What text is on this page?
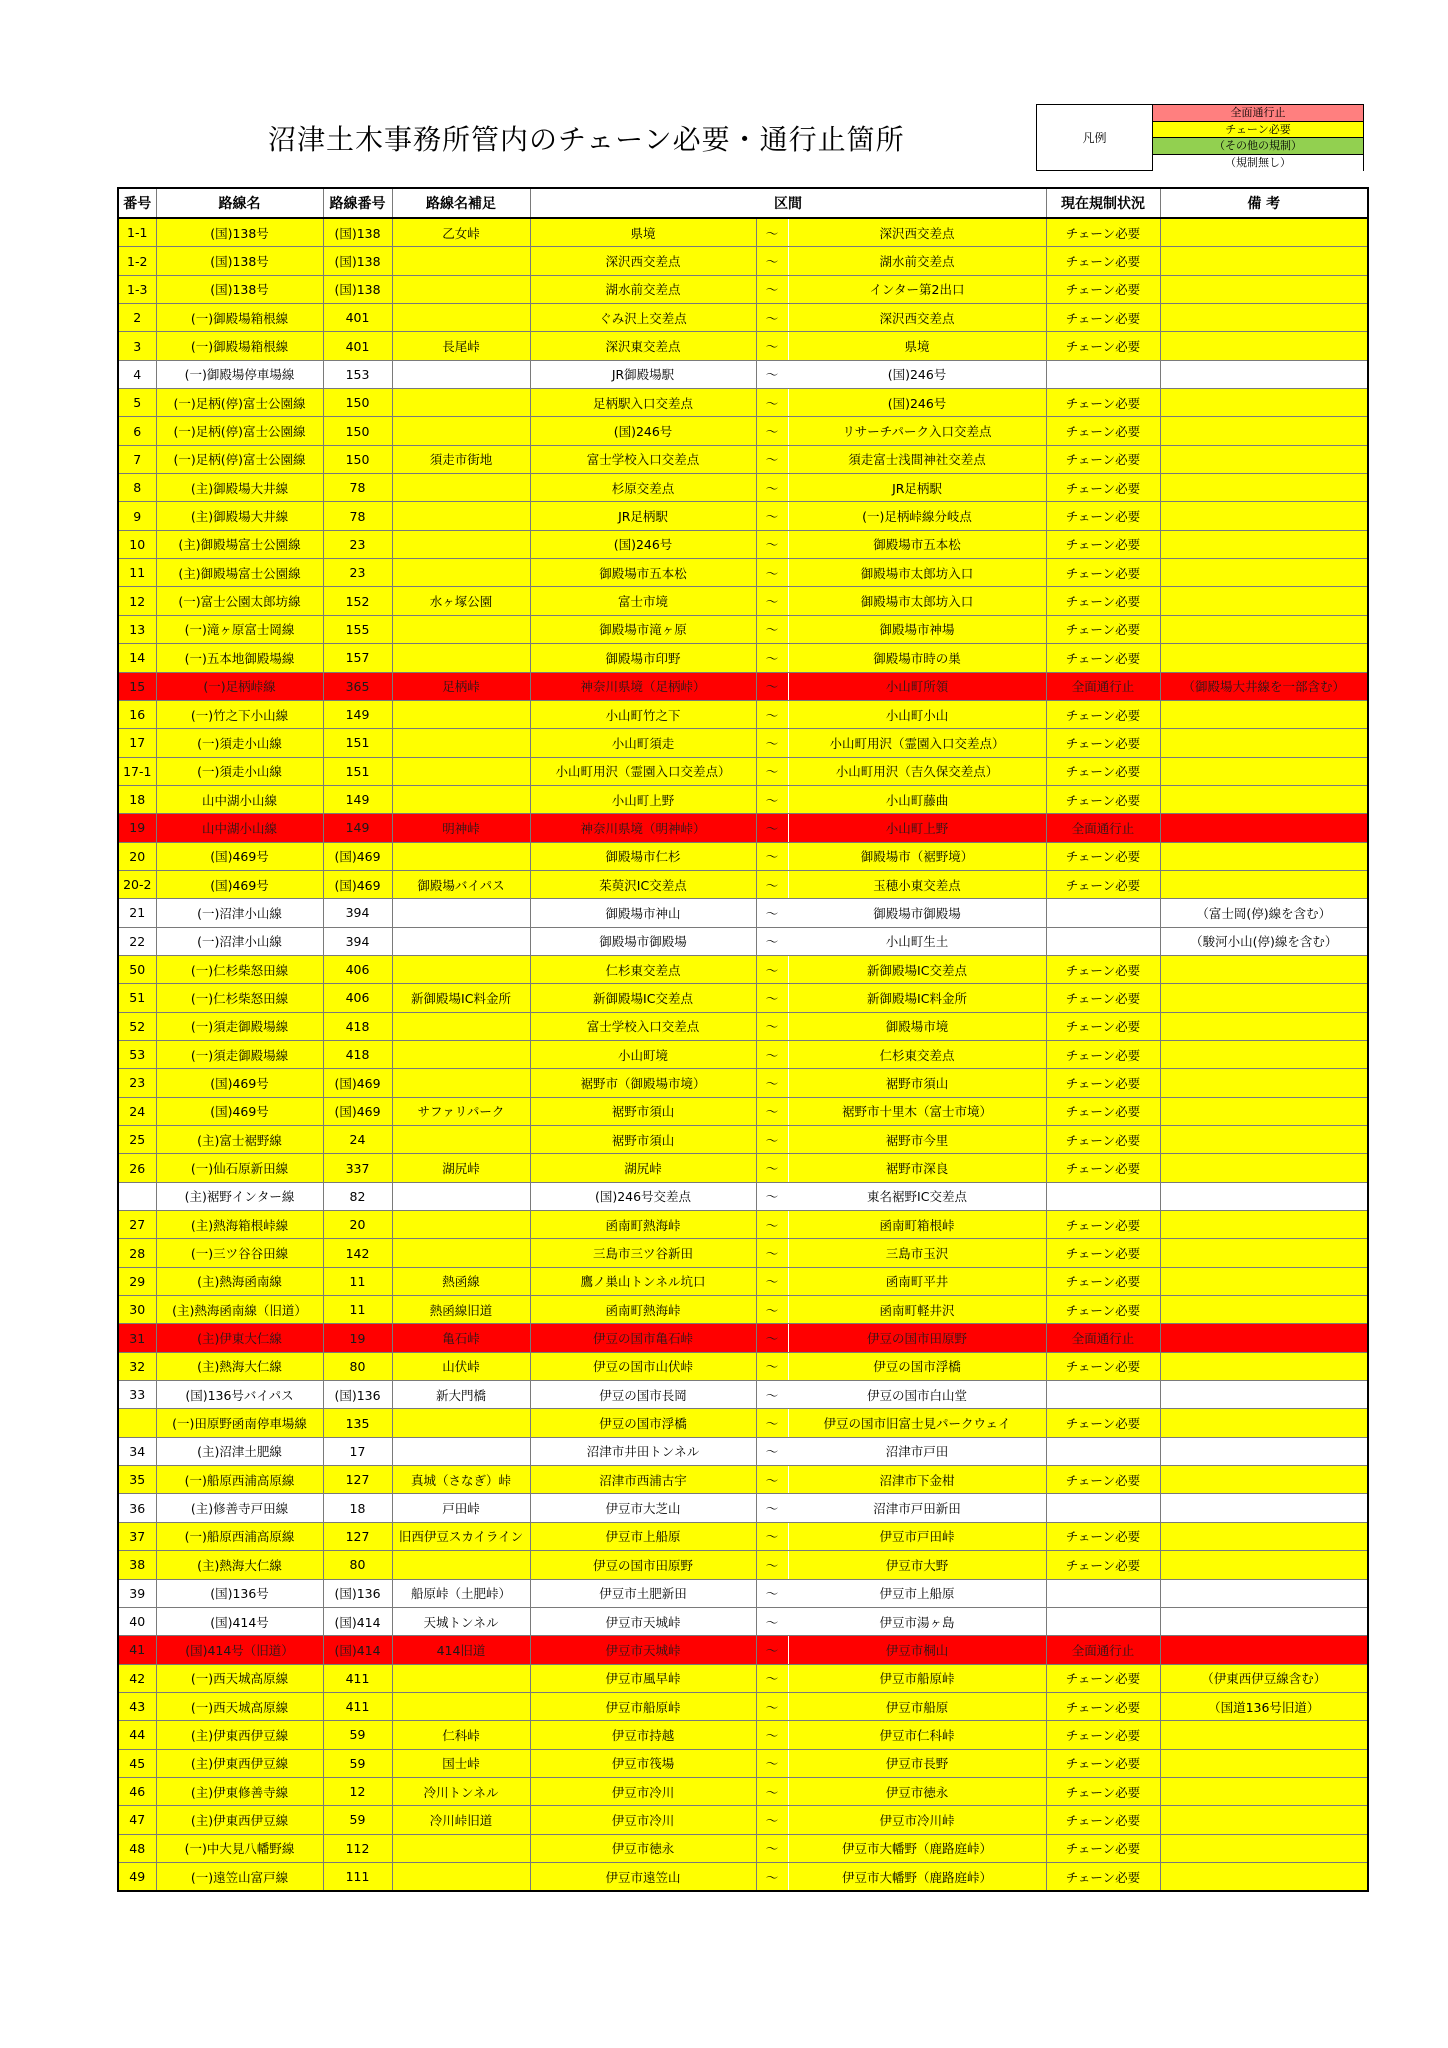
沼津土木事務所管内のチェーン必要・通行止箇所	凡例
全面通行止
チェーン必要
（その他の規制）
（規制無し）
番号	路線名	路線番号	路線名補足	区間			現在規制状況	備 考
1-1	(国)138号	(国)138	乙女峠	県境	～	深沢西交差点	チェーン必要	
1-2	(国)138号	(国)138		深沢西交差点	～	湖水前交差点	チェーン必要	
1-3	(国)138号	(国)138		湖水前交差点	～	インター第2出口	チェーン必要	
2	(一)御殿場箱根線	401		ぐみ沢上交差点	～	深沢西交差点	チェーン必要	
3	(一)御殿場箱根線	401	長尾峠	深沢東交差点	～	県境	チェーン必要	
4	(一)御殿場停車場線	153		JR御殿場駅	～	(国)246号		
5	(一)足柄(停)富士公園線	150		足柄駅入口交差点	～	(国)246号	チェーン必要	
6	(一)足柄(停)富士公園線	150		(国)246号	～	リサーチパーク入口交差点	チェーン必要	
7	(一)足柄(停)富士公園線	150	須走市街地	富士学校入口交差点	～	須走富士浅間神社交差点	チェーン必要	
8	(主)御殿場大井線	78		杉原交差点	～	JR足柄駅	チェーン必要	
9	(主)御殿場大井線	78		JR足柄駅	～	(一)足柄峠線分岐点	チェーン必要	
10	(主)御殿場富士公園線	23		(国)246号	～	御殿場市五本松	チェーン必要	
11	(主)御殿場富士公園線	23		御殿場市五本松	～	御殿場市太郎坊入口	チェーン必要	
12	(一)富士公園太郎坊線	152	水ヶ塚公園	富士市境	～	御殿場市太郎坊入口	チェーン必要	
13	(一)滝ヶ原富士岡線	155		御殿場市滝ヶ原	～	御殿場市神場	チェーン必要	
14	(一)五本地御殿場線	157		御殿場市印野	～	御殿場市時の巣	チェーン必要	
15	(一)足柄峠線	365	足柄峠	神奈川県境（足柄峠）	～	小山町所領	全面通行止	（御殿場大井線を一部含む）
16	(一)竹之下小山線	149		小山町竹之下	～	小山町小山	チェーン必要	
17	(一)須走小山線	151		小山町須走	～	小山町用沢（霊園入口交差点）	チェーン必要	
17-1	(一)須走小山線	151		小山町用沢（霊園入口交差点）	～	小山町用沢（吉久保交差点）	チェーン必要	
18	山中湖小山線	149		小山町上野	～	小山町藤曲	チェーン必要	
19	山中湖小山線	149	明神峠	神奈川県境（明神峠）	～	小山町上野	全面通行止	
20	(国)469号	(国)469		御殿場市仁杉	～	御殿場市（裾野境）	チェーン必要	
20-2	(国)469号	(国)469	御殿場バイパス	茱萸沢IC交差点	～	玉穂小東交差点	チェーン必要	
21	(一)沼津小山線	394		御殿場市神山	～	御殿場市御殿場		（富士岡(停)線を含む）
22	(一)沼津小山線	394		御殿場市御殿場	～	小山町生土		（駿河小山(停)線を含む）
50	(一)仁杉柴怒田線	406		仁杉東交差点	～	新御殿場IC交差点	チェーン必要	
51	(一)仁杉柴怒田線	406	新御殿場IC料金所	新御殿場IC交差点	～	新御殿場IC料金所	チェーン必要	
52	(一)須走御殿場線	418		富士学校入口交差点	～	御殿場市境	チェーン必要	
53	(一)須走御殿場線	418		小山町境	～	仁杉東交差点	チェーン必要	
23	(国)469号	(国)469		裾野市（御殿場市境）	～	裾野市須山	チェーン必要	
24	(国)469号	(国)469	サファリパーク	裾野市須山	～	裾野市十里木（富士市境）	チェーン必要	
25	(主)富士裾野線	24		裾野市須山	～	裾野市今里	チェーン必要	
26	(一)仙石原新田線	337	湖尻峠	湖尻峠	～	裾野市深良	チェーン必要	
	(主)裾野インター線	82		(国)246号交差点	～	東名裾野IC交差点		
27	(主)熱海箱根峠線	20		函南町熱海峠	～	函南町箱根峠	チェーン必要	
28	(一)三ツ谷谷田線	142		三島市三ツ谷新田	～	三島市玉沢	チェーン必要	
29	(主)熱海函南線	11	熱函線	鷹ノ巣山トンネル坑口	～	函南町平井	チェーン必要	
30	(主)熱海函南線（旧道）	11	熱函線旧道	函南町熱海峠	～	函南町軽井沢	チェーン必要	
31	(主)伊東大仁線	19	亀石峠	伊豆の国市亀石峠	～	伊豆の国市田原野	全面通行止	
32	(主)熱海大仁線	80	山伏峠	伊豆の国市山伏峠	～	伊豆の国市浮橋	チェーン必要	
33	(国)136号バイパス	(国)136	新大門橋	伊豆の国市長岡	～	伊豆の国市白山堂		
	(一)田原野函南停車場線	135		伊豆の国市浮橋	～	伊豆の国市旧富士見パークウェイ	チェーン必要	
34	(主)沼津土肥線	17		沼津市井田トンネル	～	沼津市戸田		
35	(一)船原西浦高原線	127	真城（さなぎ）峠	沼津市西浦古宇	～	沼津市下金柑	チェーン必要	
36	(主)修善寺戸田線	18	戸田峠	伊豆市大芝山	～	沼津市戸田新田		
37	(一)船原西浦高原線	127	旧西伊豆スカイライン	伊豆市上船原	～	伊豆市戸田峠	チェーン必要	
38	(主)熱海大仁線	80		伊豆の国市田原野	～	伊豆市大野	チェーン必要	
39	(国)136号	(国)136	船原峠（土肥峠）	伊豆市土肥新田	～	伊豆市上船原		
40	(国)414号	(国)414	天城トンネル	伊豆市天城峠	～	伊豆市湯ヶ島		
41	(国)414号（旧道）	(国)414	414旧道	伊豆市天城峠	～	伊豆市桐山	全面通行止	
42	(一)西天城高原線	411		伊豆市風早峠	～	伊豆市船原峠	チェーン必要	（伊東西伊豆線含む）
43	(一)西天城高原線	411		伊豆市船原峠	～	伊豆市船原	チェーン必要	（国道136号旧道）
44	(主)伊東西伊豆線	59	仁科峠	伊豆市持越	～	伊豆市仁科峠	チェーン必要	
45	(主)伊東西伊豆線	59	国士峠	伊豆市筏場	～	伊豆市長野	チェーン必要	
46	(主)伊東修善寺線	12	冷川トンネル	伊豆市冷川	～	伊豆市徳永	チェーン必要	
47	(主)伊東西伊豆線	59	冷川峠旧道	伊豆市冷川	～	伊豆市冷川峠	チェーン必要	
48	(一)中大見八幡野線	112		伊豆市徳永	～	伊豆市大幡野（鹿路庭峠）	チェーン必要	
49	(一)遠笠山富戸線	111		伊豆市遠笠山	～	伊豆市大幡野（鹿路庭峠）	チェーン必要	
